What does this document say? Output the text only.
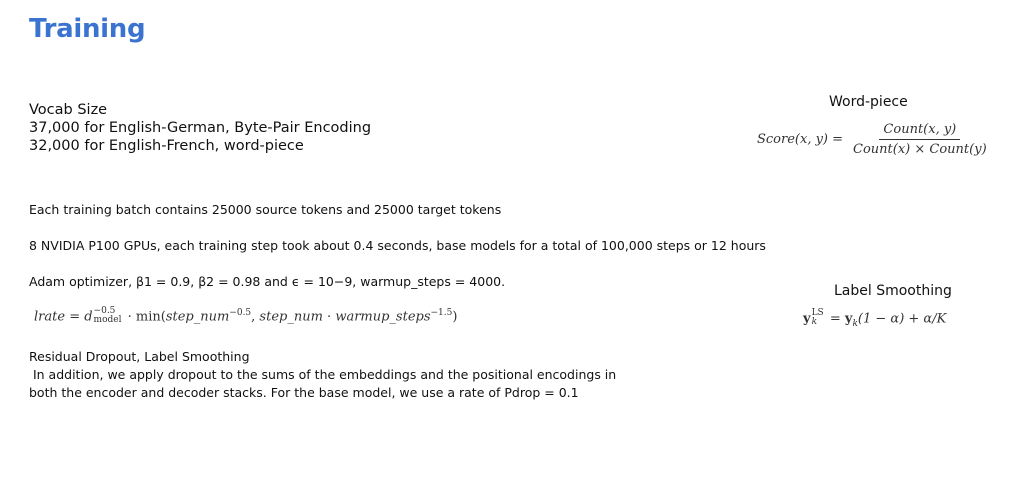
Training
Vocab Size
37,000 for English-German, Byte-Pair Encoding
32,000 for English-French, word-piece
Each training batch contains 25000 source tokens and 25000 target tokens
8 NVIDIA P100 GPUs, each training step took about 0.4 seconds, base models for a total of 100,000 steps or 12 hours
Adam optimizer, β1 = 0.9, β2 = 0.98 and ϵ = 10−9, warmup_steps = 4000.
lrate = d −0.5
model · min(step_num$^{-0.5}$, step_num · warmup_steps$^{-1.5}$)
Residual Dropout, Label Smoothing
In addition, we apply dropout to the sums of the embeddings and the positional encodings in
both the encoder and decoder stacks. For the base model, we use a rate of Pdrop = 0.1
Word-piece
Score(x, $y) = \frac{\text{Count(x, y)}}{\text{Count(x) × Count(y)}}$
Label Smoothing
y LS
$k = y_k(1 - \alpha) + \alpha/K$
